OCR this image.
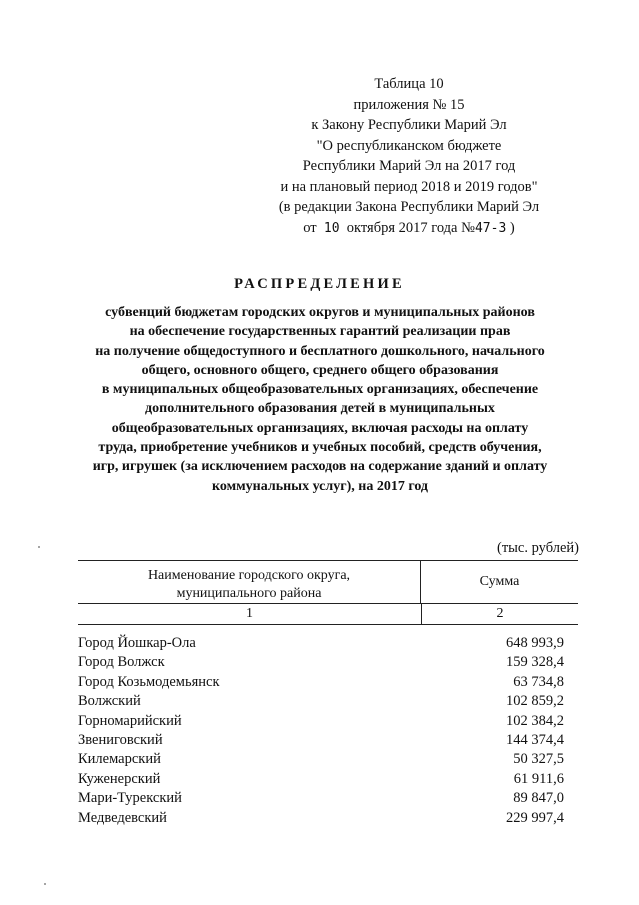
Таблица 10
приложения № 15
к Закону Республики Марий Эл
"О республиканском бюджете
Республики Марий Эл на 2017 год
и на плановый период 2018 и 2019 годов"
(в редакции Закона Республики Марий Эл
от 10 октября 2017 года №47-З )
РАСПРЕДЕЛЕНИЕ
субвенций бюджетам городских округов и муниципальных районов
на обеспечение государственных гарантий реализации прав
на получение общедоступного и бесплатного дошкольного, начального
общего, основного общего, среднего общего образования
в муниципальных общеобразовательных организациях, обеспечение
дополнительного образования детей в муниципальных
общеобразовательных организациях, включая расходы на оплату
труда, приобретение учебников и учебных пособий, средств обучения,
игр, игрушек (за исключением расходов на содержание зданий и оплату
коммунальных услуг), на 2017 год
(тыс. рублей)
Наименование городского округа,
муниципального района
Сумма
1	2
Город Йошкар-Ола	648 993,9
Город Волжск	159 328,4
Город Козьмодемьянск	63 734,8
Волжский	102 859,2
Горномарийский	102 384,2
Звениговский	144 374,4
Килемарский	50 327,5
Куженерский	61 911,6
Мари-Турекский	89 847,0
Медведевский	229 997,4
